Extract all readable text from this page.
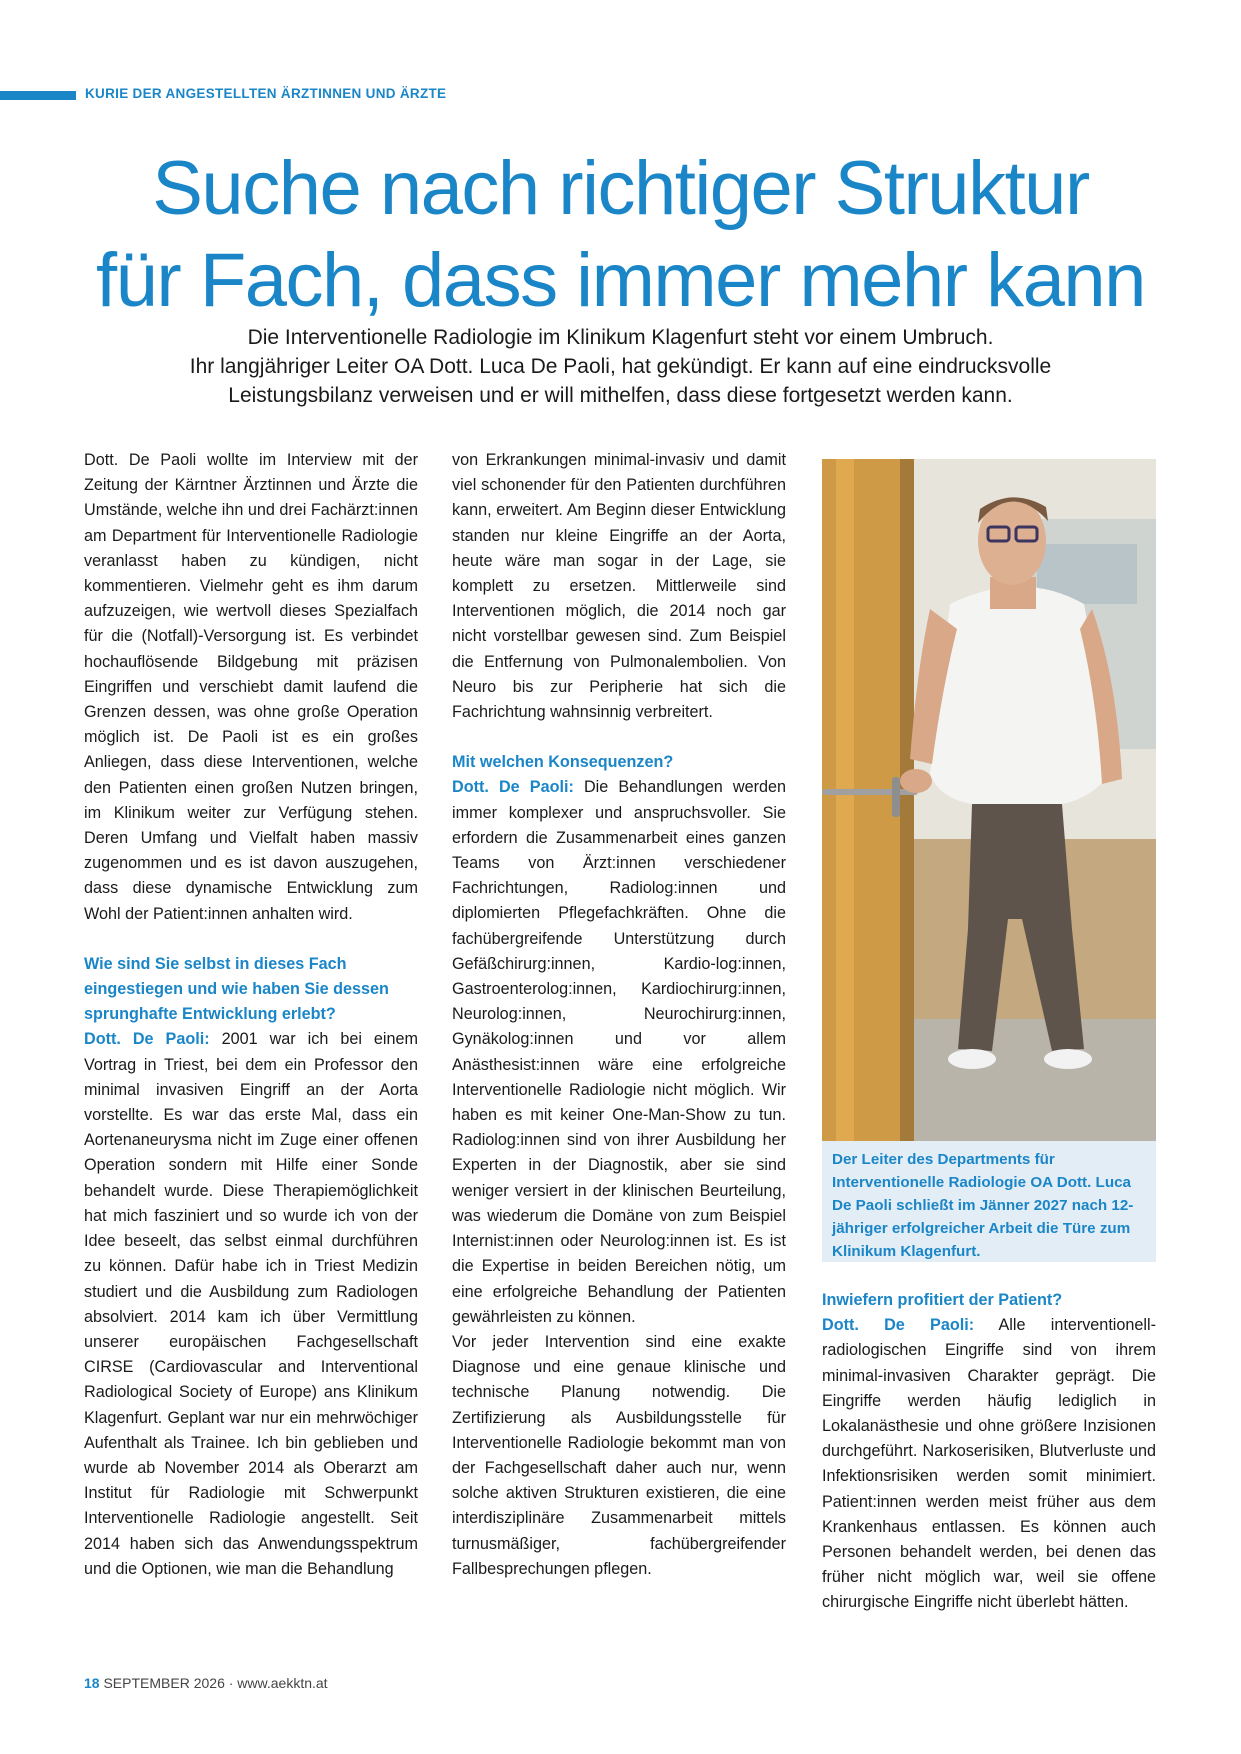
KURIE DER ANGESTELLTEN ÄRZTINNEN UND ÄRZTE
Suche nach richtiger Struktur
für Fach, dass immer mehr kann
Die Interventionelle Radiologie im Klinikum Klagenfurt steht vor einem Umbruch.
Ihr langjähriger Leiter OA Dott. Luca De Paoli, hat gekündigt. Er kann auf eine eindrucksvolle
Leistungsbilanz verweisen und er will mithelfen, dass diese fortgesetzt werden kann.

Dott. De Paoli wollte im Interview mit der Zeitung der Kärntner Ärztinnen und Ärzte die Umstände, welche ihn und drei Fachärzt:innen am Department für Interventionelle Radiologie veranlasst haben zu kündigen, nicht kommentieren. Vielmehr geht es ihm darum aufzuzeigen, wie wertvoll dieses Spezialfach für die (Notfall)-Versorgung ist. Es verbindet hochauflösende Bildgebung mit präzisen Eingriffen und verschiebt damit laufend die Grenzen dessen, was ohne große Operation möglich ist. De Paoli ist es ein großes Anliegen, dass diese Interventionen, welche den Patienten einen großen Nutzen bringen, im Klinikum weiter zur Verfügung stehen. Deren Umfang und Vielfalt haben massiv zugenommen und es ist davon auszugehen, dass diese dynamische Entwicklung zum Wohl der Patient:innen anhalten wird.

Wie sind Sie selbst in dieses Fach eingestiegen und wie haben Sie dessen sprunghafte Entwicklung erlebt?

Dott. De Paoli: 2001 war ich bei einem Vortrag in Triest, bei dem ein Professor den minimal invasiven Eingriff an der Aorta vorstellte. Es war das erste Mal, dass ein Aortenaneurysma nicht im Zuge einer offenen Operation sondern mit Hilfe einer Sonde behandelt wurde. Diese Therapiemöglichkeit hat mich fasziniert und so wurde ich von der Idee beseelt, das selbst einmal durchführen zu können. Dafür habe ich in Triest Medizin studiert und die Ausbildung zum Radiologen absolviert. 2014 kam ich über Vermittlung unserer europäischen Fachgesellschaft CIRSE (Cardiovascular and Interventional Radiological Society of Europe) ans Klinikum Klagenfurt. Geplant war nur ein mehrwöchiger Aufenthalt als Trainee. Ich bin geblieben und wurde ab November 2014 als Oberarzt am Institut für Radiologie mit Schwerpunkt Interventionelle Radiologie angestellt. Seit 2014 haben sich das Anwendungsspektrum und die Optionen, wie man die Behandlung

von Erkrankungen minimal-invasiv und damit viel schonender für den Patienten durchführen kann, erweitert. Am Beginn dieser Entwicklung standen nur kleine Eingriffe an der Aorta, heute wäre man sogar in der Lage, sie komplett zu ersetzen. Mittlerweile sind Interventionen möglich, die 2014 noch gar nicht vorstellbar gewesen sind. Zum Beispiel die Entfernung von Pulmonalembolien. Von Neuro bis zur Peripherie hat sich die Fachrichtung wahnsinnig verbreitert.

Mit welchen Konsequenzen?

Dott. De Paoli: Die Behandlungen werden immer komplexer und anspruchsvoller. Sie erfordern die Zusammenarbeit eines ganzen Teams von Ärzt:innen verschiedener Fachrichtungen, Radiolog:innen und diplomierten Pflegefachkräften. Ohne die fachübergreifende Unterstützung durch Gefäßchirurg:innen, Kardio-log:innen, Gastroenterolog:innen, Kardiochirurg:innen, Neurolog:innen, Neurochirurg:innen, Gynäkolog:innen und vor allem Anästhesist:innen wäre eine erfolgreiche Interventionelle Radiologie nicht möglich. Wir haben es mit keiner One-Man-Show zu tun. Radiolog:innen sind von ihrer Ausbildung her Experten in der Diagnostik, aber sie sind weniger versiert in der klinischen Beurteilung, was wiederum die Domäne von zum Beispiel Internist:innen oder Neurolog:innen ist. Es ist die Expertise in beiden Bereichen nötig, um eine erfolgreiche Behandlung der Patienten gewährleisten zu können.

Vor jeder Intervention sind eine exakte Diagnose und eine genaue klinische und technische Planung notwendig. Die Zertifizierung als Ausbildungsstelle für Interventionelle Radiologie bekommt man von der Fachgesellschaft daher auch nur, wenn solche aktiven Strukturen existieren, die eine interdisziplinäre Zusammenarbeit mittels turnusmäßiger, fachübergreifender Fallbesprechungen pflegen.

Der Leiter des Departments für Interventionelle Radiologie OA Dott. Luca De Paoli schließt im Jänner 2027 nach 12-jähriger erfolgreicher Arbeit die Türe zum Klinikum Klagenfurt.

Inwiefern profitiert der Patient?

Dott. De Paoli: Alle interventionell-radiologischen Eingriffe sind von ihrem minimal-invasiven Charakter geprägt. Die Eingriffe werden häufig lediglich in Lokalanästhesie und ohne größere Inzisionen durchgeführt. Narkoserisiken, Blutverluste und Infektionsrisiken werden somit minimiert. Patient:innen werden meist früher aus dem Krankenhaus entlassen. Es können auch Personen behandelt werden, bei denen das früher nicht möglich war, weil sie offene chirurgische Eingriffe nicht überlebt hätten.

18 SEPTEMBER 2026 · www.aekktn.at
